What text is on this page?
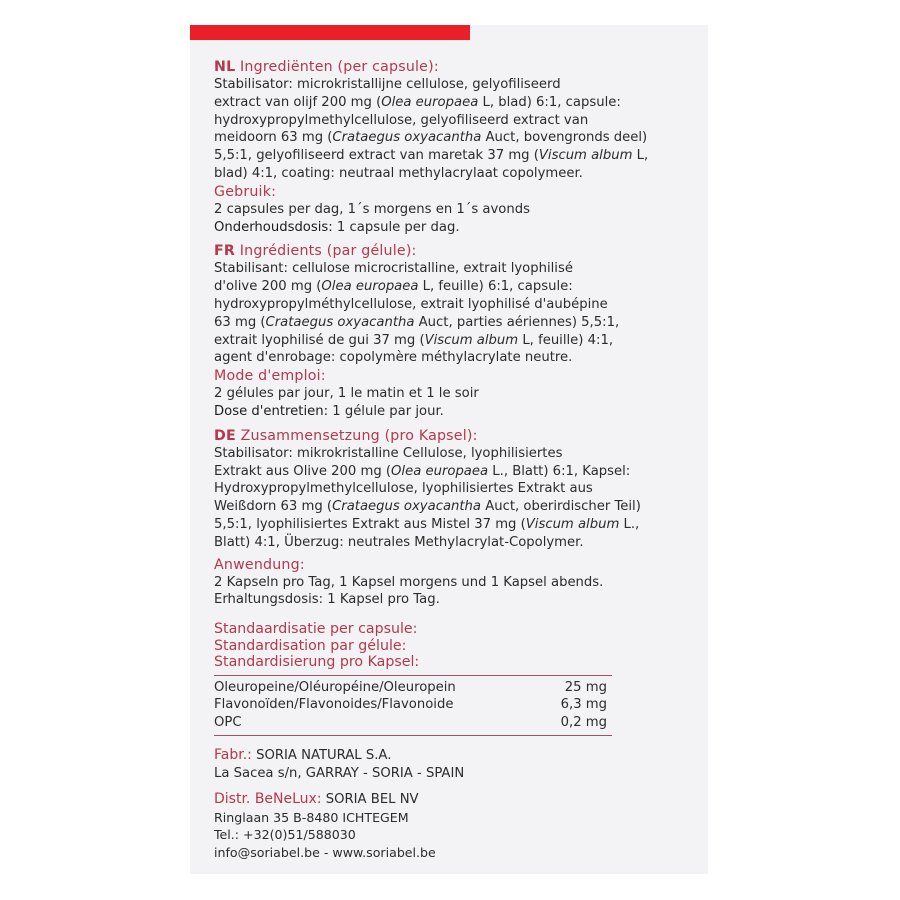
NL Ingrediënten (per capsule):
Stabilisator: microkristallijne cellulose, gelyofiliseerd
extract van olijf 200 mg (Olea europaea L, blad) 6:1, capsule:
hydroxypropylmethylcellulose, gelyofiliseerd extract van
meidoorn 63 mg (Crataegus oxyacantha Auct, bovengronds deel)
5,5:1, gelyofiliseerd extract van maretak 37 mg (Viscum album L,
blad) 4:1, coating: neutraal methylacrylaat copolymeer.
Gebruik:
2 capsules per dag, 1´s morgens en 1´s avonds
Onderhoudsdosis: 1 capsule per dag.
FR Ingrédients (par gélule):
Stabilisant: cellulose microcristalline, extrait lyophilisé
d'olive 200 mg (Olea europaea L, feuille) 6:1, capsule:
hydroxypropylméthylcellulose, extrait lyophilisé d'aubépine
63 mg (Crataegus oxyacantha Auct, parties aériennes) 5,5:1,
extrait lyophilisé de gui 37 mg (Viscum album L, feuille) 4:1,
agent d'enrobage: copolymère méthylacrylate neutre.
Mode d'emploi:
2 gélules par jour, 1 le matin et 1 le soir
Dose d'entretien: 1 gélule par jour.
DE Zusammensetzung (pro Kapsel):
Stabilisator: mikrokristalline Cellulose, lyophilisiertes
Extrakt aus Olive 200 mg (Olea europaea L., Blatt) 6:1, Kapsel:
Hydroxypropylmethylcellulose, lyophilisiertes Extrakt aus
Weißdorn 63 mg (Crataegus oxyacantha Auct, oberirdischer Teil)
5,5:1, lyophilisiertes Extrakt aus Mistel 37 mg (Viscum album L.,
Blatt) 4:1, Überzug: neutrales Methylacrylat-Copolymer.
Anwendung:
2 Kapseln pro Tag, 1 Kapsel morgens und 1 Kapsel abends.
Erhaltungsdosis: 1 Kapsel pro Tag.
Standaardisatie per capsule:
Standardisation par gélule:
Standardisierung pro Kapsel:
Oleuropeine/Oléuropéine/Oleuropein	25 mg
Flavonoïden/Flavonoides/Flavonoide	6,3 mg
OPC	0,2 mg
Fabr.: SORIA NATURAL S.A.
La Sacea s/n, GARRAY - SORIA - SPAIN
Distr. BeNeLux: SORIA BEL NV
Ringlaan 35 B-8480 ICHTEGEM
Tel.: +32(0)51/588030
info@soriabel.be - www.soriabel.be
